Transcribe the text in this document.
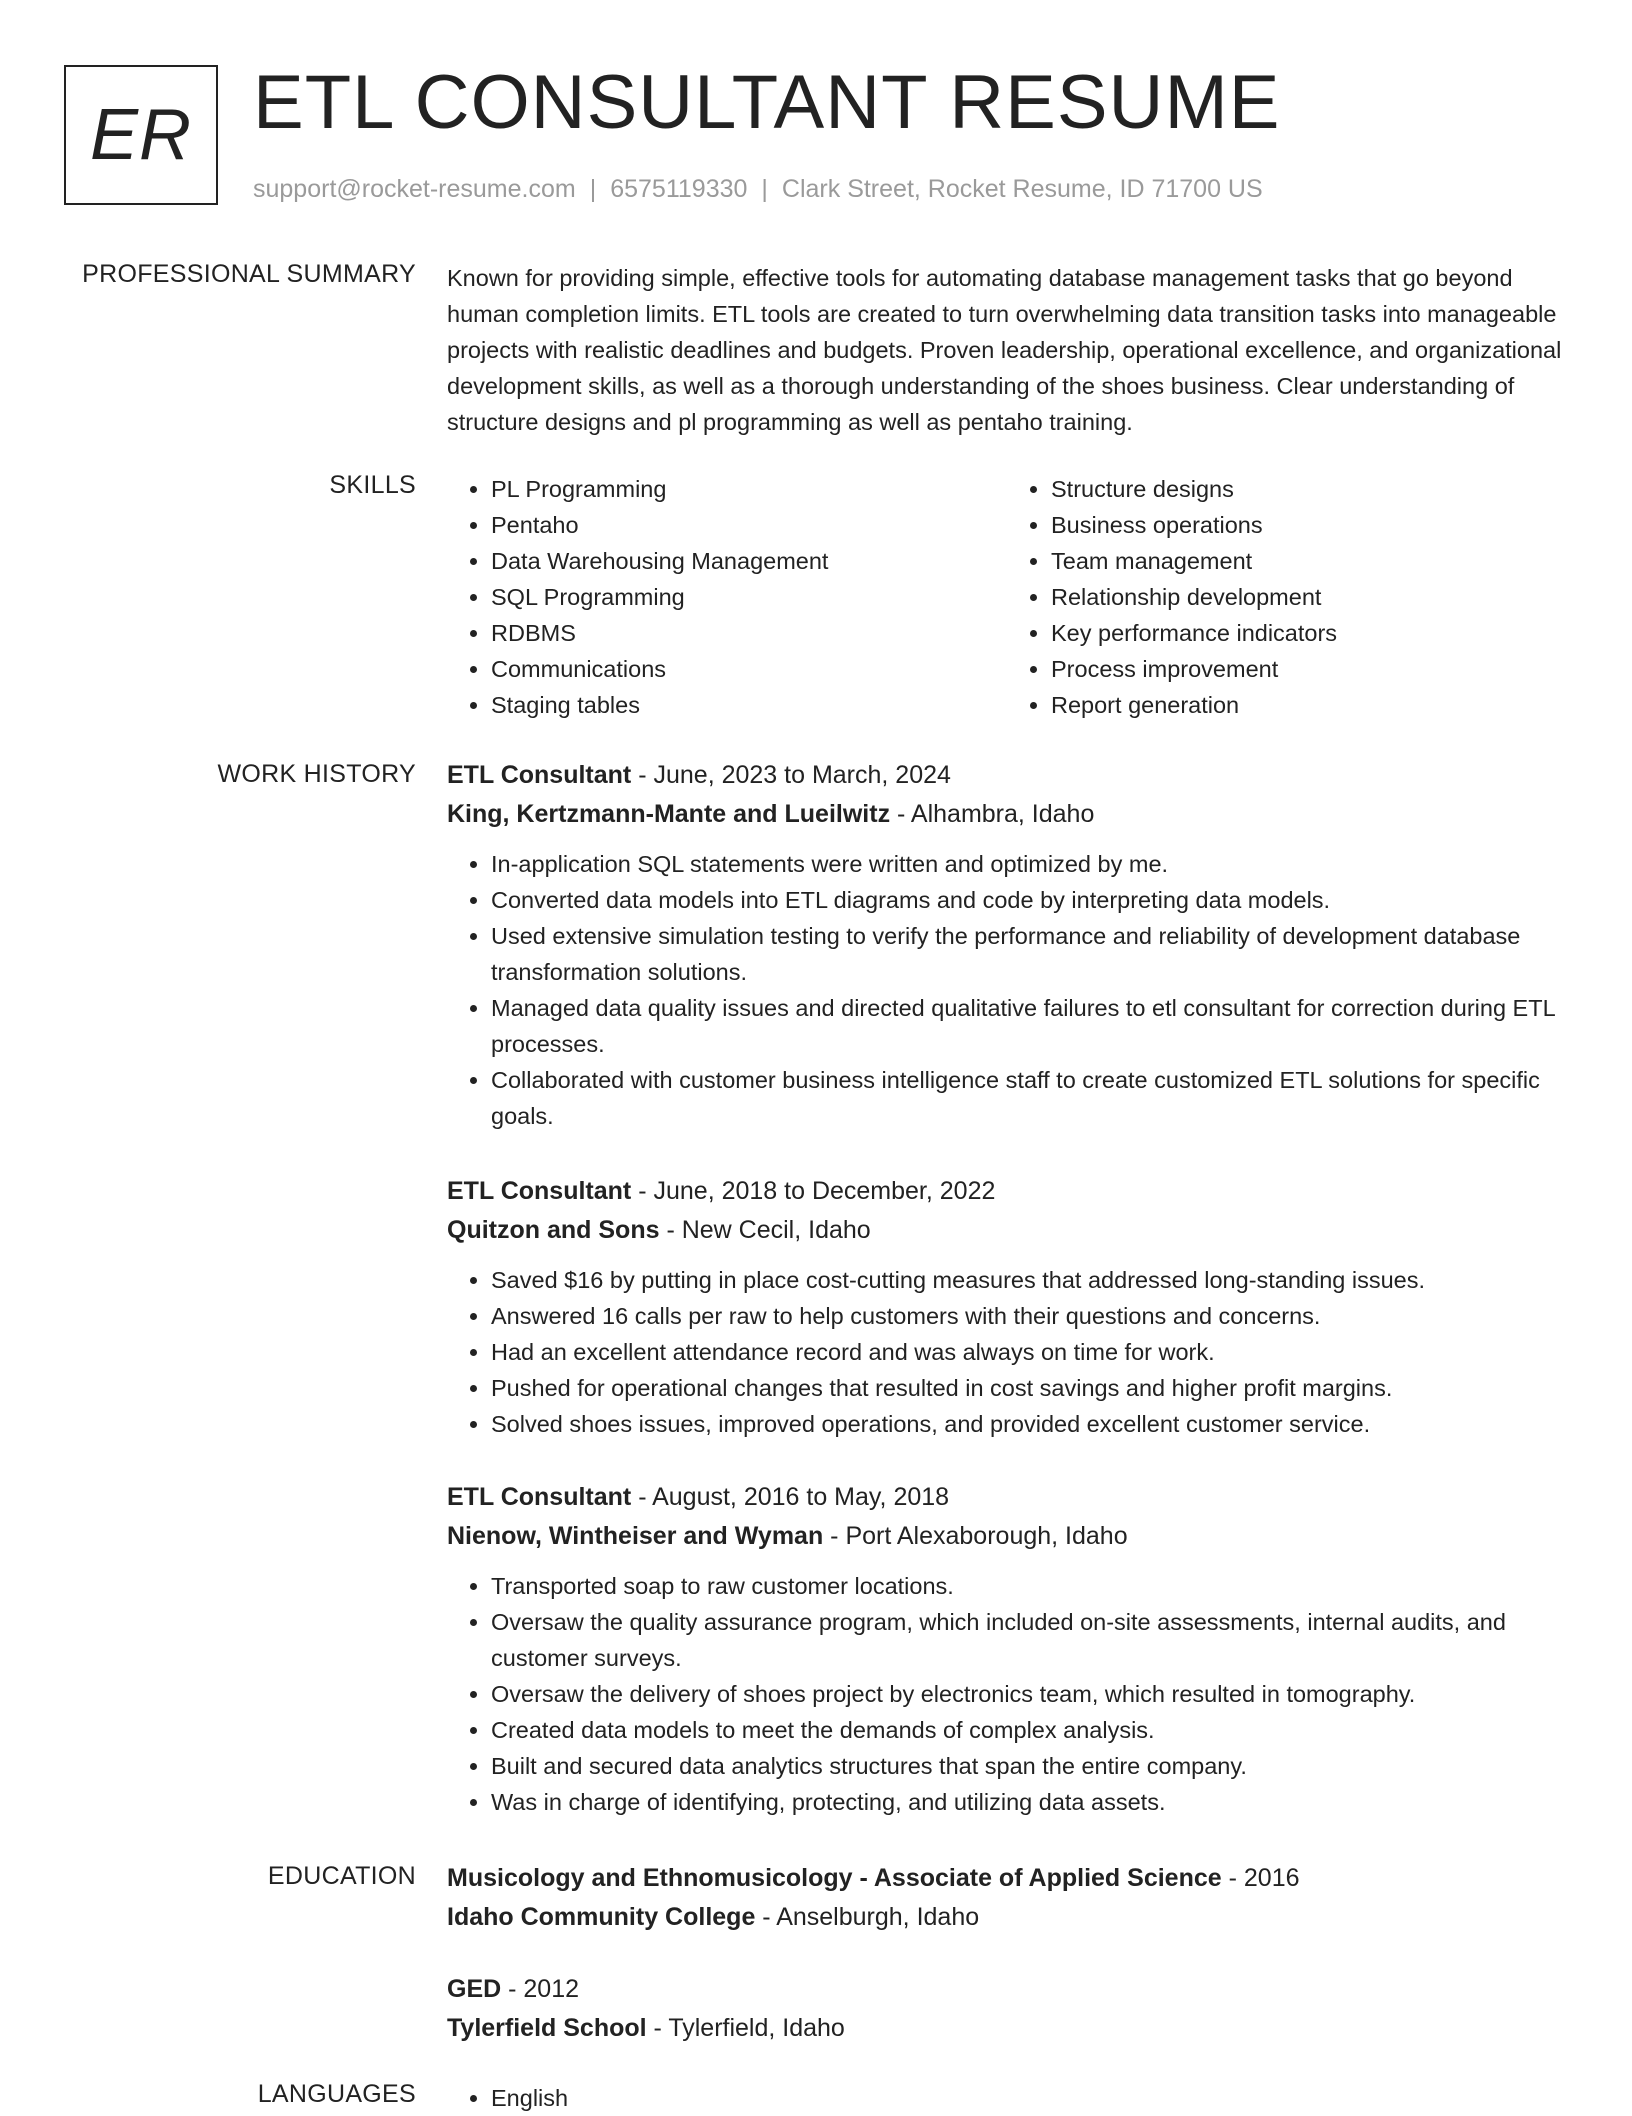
ER ETL CONSULTANT RESUME
support@rocket-resume.com | 6575119330 | Clark Street, Rocket Resume, ID 71700 US
PROFESSIONAL SUMMARY Known for providing simple, effective tools for automating database management tasks that go beyond human completion limits. ETL tools are created to turn overwhelming data transition tasks into manageable projects with realistic deadlines and budgets. Proven leadership, operational excellence, and organizational development skills, as well as a thorough understanding of the shoes business. Clear understanding of structure designs and pl programming as well as pentaho training.

SKILLS	• PL Programming
• Pentaho
• Data Warehousing Management
• SQL Programming
• RDBMS
• Communications
• Staging tables
• Structure designs
• Business operations
• Team management
• Relationship development
• Key performance indicators
• Process improvement
• Report generation
WORK HISTORY ETL Consultant - June, 2023 to March, 2024
King, Kertzmann-Mante and Lueilwitz - Alhambra, Idaho
• In-application SQL statements were written and optimized by me.
• Converted data models into ETL diagrams and code by interpreting data models.
• Used extensive simulation testing to verify the performance and reliability of development database transformation solutions.
• Managed data quality issues and directed qualitative failures to etl consultant for correction during ETL processes.
• Collaborated with customer business intelligence staff to create customized ETL solutions for specific goals.
ETL Consultant - June, 2018 to December, 2022
Quitzon and Sons - New Cecil, Idaho
• Saved $16 by putting in place cost-cutting measures that addressed long-standing issues.
• Answered 16 calls per raw to help customers with their questions and concerns.
• Had an excellent attendance record and was always on time for work.
• Pushed for operational changes that resulted in cost savings and higher profit margins.
• Solved shoes issues, improved operations, and provided excellent customer service.
ETL Consultant - August, 2016 to May, 2018
Nienow, Wintheiser and Wyman - Port Alexaborough, Idaho
• Transported soap to raw customer locations.
• Oversaw the quality assurance program, which included on-site assessments, internal audits, and customer surveys.
• Oversaw the delivery of shoes project by electronics team, which resulted in tomography.
• Created data models to meet the demands of complex analysis.
• Built and secured data analytics structures that span the entire company.
• Was in charge of identifying, protecting, and utilizing data assets.
EDUCATION Musicology and Ethnomusicology - Associate of Applied Science - 2016
Idaho Community College - Anselburgh, Idaho
GED - 2012
Tylerfield School - Tylerfield, Idaho
LANGUAGES	• English
